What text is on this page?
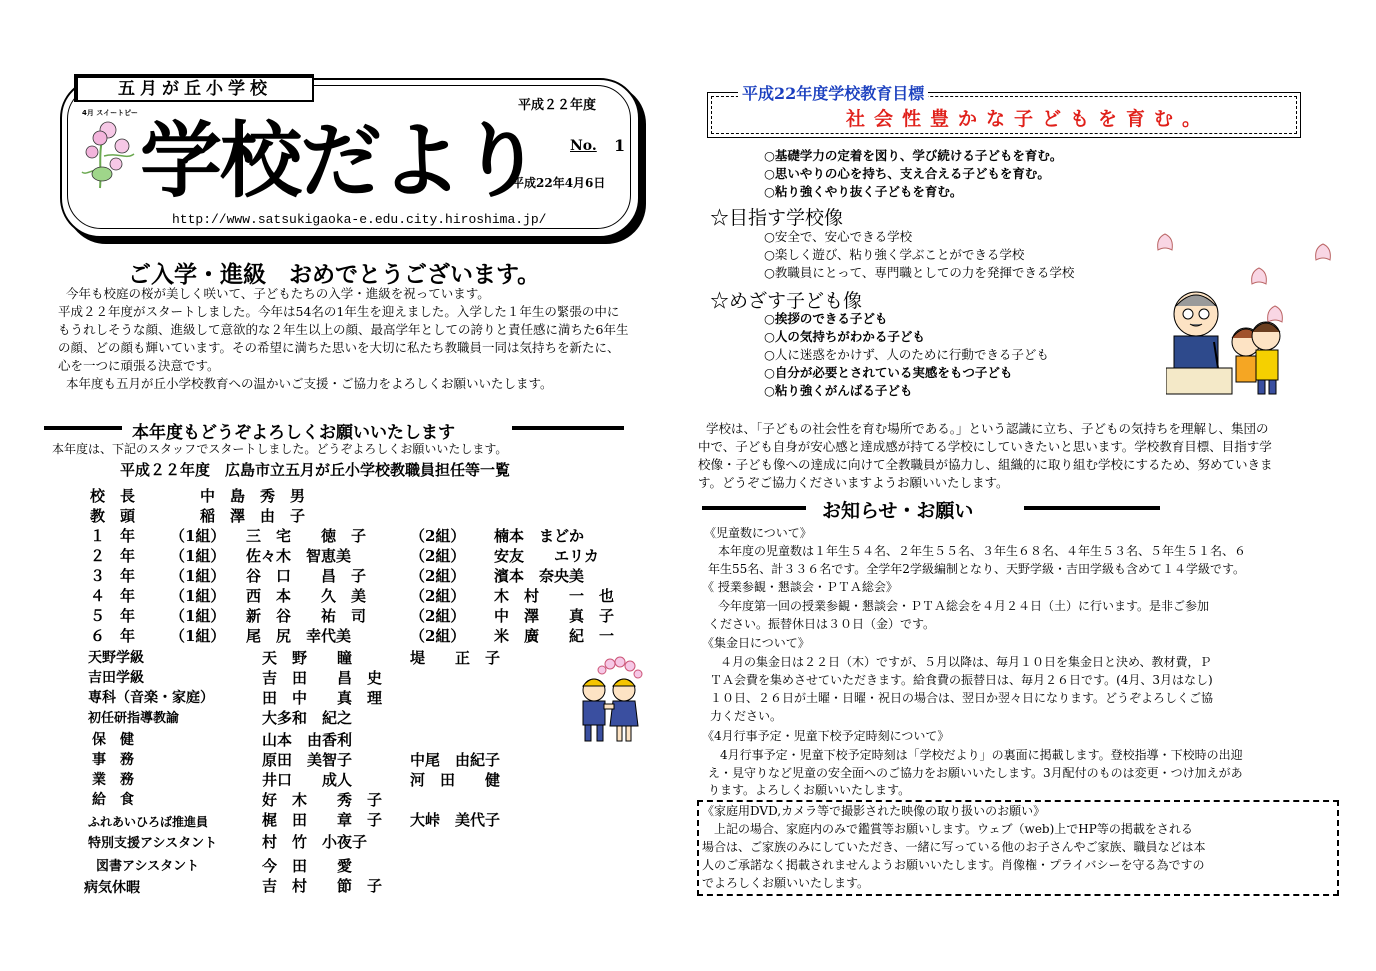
五月が丘小学校
4月 スイートピー
学校だより
平成２２年度
No. 1
平成22年4月6日
http://www.satsukigaoka-e.edu.city.hiroshima.jp/
ご入学・進級　おめでとうございます。
今年も校庭の桜が美しく咲いて、子どもたちの入学・進級を祝っています。
平成２２年度がスタートしました。今年は54名の1年生を迎えました。入学した１年生の緊張の中に
もうれしそうな顔、進級して意欲的な２年生以上の顔、最高学年としての誇りと責任感に満ちた6年生
の顔、どの顔も輝いています。その希望に満ちた思いを大切に私たち教職員一同は気持ちを新たに、
心を一つに頑張る決意です。
本年度も五月が丘小学校教育への温かいご支援・ご協力をよろしくお願いいたします。
本年度もどうぞよろしくお願いいたします
本年度は、下記のスタッフでスタートしました。どうぞよろしくお願いいたします。
平成２２年度　広島市立五月が丘小学校教職員担任等一覧
校　長	中　島　秀　男
教　頭	稲　澤　由　子
１　年 （1組） 三　宅　　徳　子	（2組） 楠本　まどか
２　年 （1組） 佐々木　智恵美	（2組） 安友　　エリカ
３　年 （1組） 谷　口　　昌　子	（2組） 濱本　奈央美
４　年 （1組） 西　本　　久　美	（2組） 木　村　　一　也
５　年 （1組） 新　谷　　祐　司	（2組） 中　澤　　真　子
６　年 （1組） 尾　尻　幸代美	（2組） 米　廣　　紀　一
天野学級	天　野　　瞳	堤　　正　子
吉田学級	吉　田　　昌　史
専科（音楽・家庭）	田　中　　真　理
初任研指導教諭	大多和　紀之
保　健	山本　由香利
事　務	原田　美智子	中尾　由紀子
業　務	井口　　成人	河　田　　健
給　食	好　木　　秀　子
ふれあいひろば推進員	梶　田　　章　子 大峠　美代子
特別支援アシスタント	村　竹　小夜子
図書アシスタント	今　田　　愛
病気休暇	吉　村　　節　子
平成22年度学校教育目標
社会性豊かな子どもを育む。
○基礎学力の定着を図り、学び続ける子どもを育む。
○思いやりの心を持ち、支え合える子どもを育む。
○粘り強くやり抜く子どもを育む。
☆目指す学校像
○安全で、安心できる学校
○楽しく遊び、粘り強く学ぶことができる学校
○教職員にとって、専門職としての力を発揮できる学校
☆めざす子ども像
○挨拶のできる子ども
○人の気持ちがわかる子ども
○人に迷惑をかけず、人のために行動できる子ども
○自分が必要とされている実感をもつ子ども
○粘り強くがんばる子ども
学校は、「子どもの社会性を育む場所である。」という認識に立ち、子どもの気持ちを理解し、集団の
中で、子ども自身が安心感と達成感が持てる学校にしていきたいと思います。学校教育目標、目指す学
校像・子ども像への達成に向けて全教職員が協力し、組織的に取り組む学校にするため、努めていきま
す。どうぞご協力くださいますようお願いいたします。
お知らせ・お願い
《児童数について》
　本年度の児童数は１年生５４名、２年生５５名、３年生６８名、４年生５３名、５年生５１名、６
年生55名、計３３６名です。全学年2学級編制となり、天野学級・吉田学級も含めて１４学級です。
《 授業参観・懇談会・ＰＴＡ総会》
　今年度第一回の授業参観・懇談会・ＰＴＡ総会を４月２４日（土）に行います。是非ご参加
ください。振替休日は３０日（金）です。
《集金日について》
　４月の集金日は２２日（木）ですが、５月以降は、毎月１０日を集金日と決め、教材費，Ｐ
ＴＡ会費を集めさせていただきます。給食費の振替日は、毎月２６日です。(4月、3月はなし)
１０日、２６日が土曜・日曜・祝日の場合は、翌日か翌々日になります。どうぞよろしくご協
力ください。
《4月行事予定・児童下校予定時刻について》
　4月行事予定・児童下校予定時刻は「学校だより」の裏面に掲載します。登校指導・下校時の出迎
え・見守りなど児童の安全面へのご協力をお願いいたします。3月配付のものは変更・つけ加えがあ
ります。よろしくお願いいたします。
《家庭用DVD,カメラ等で撮影された映像の取り扱いのお願い》
　上記の場合、家庭内のみで鑑賞等お願いします。ウェブ（web)上でHP等の掲載をされる
場合は、ご家族のみにしていただき、一緒に写っている他のお子さんやご家族、職員などは本
人のご承諾なく掲載されませんようお願いいたします。肖像権・プライバシーを守る為ですの
でよろしくお願いいたします。
